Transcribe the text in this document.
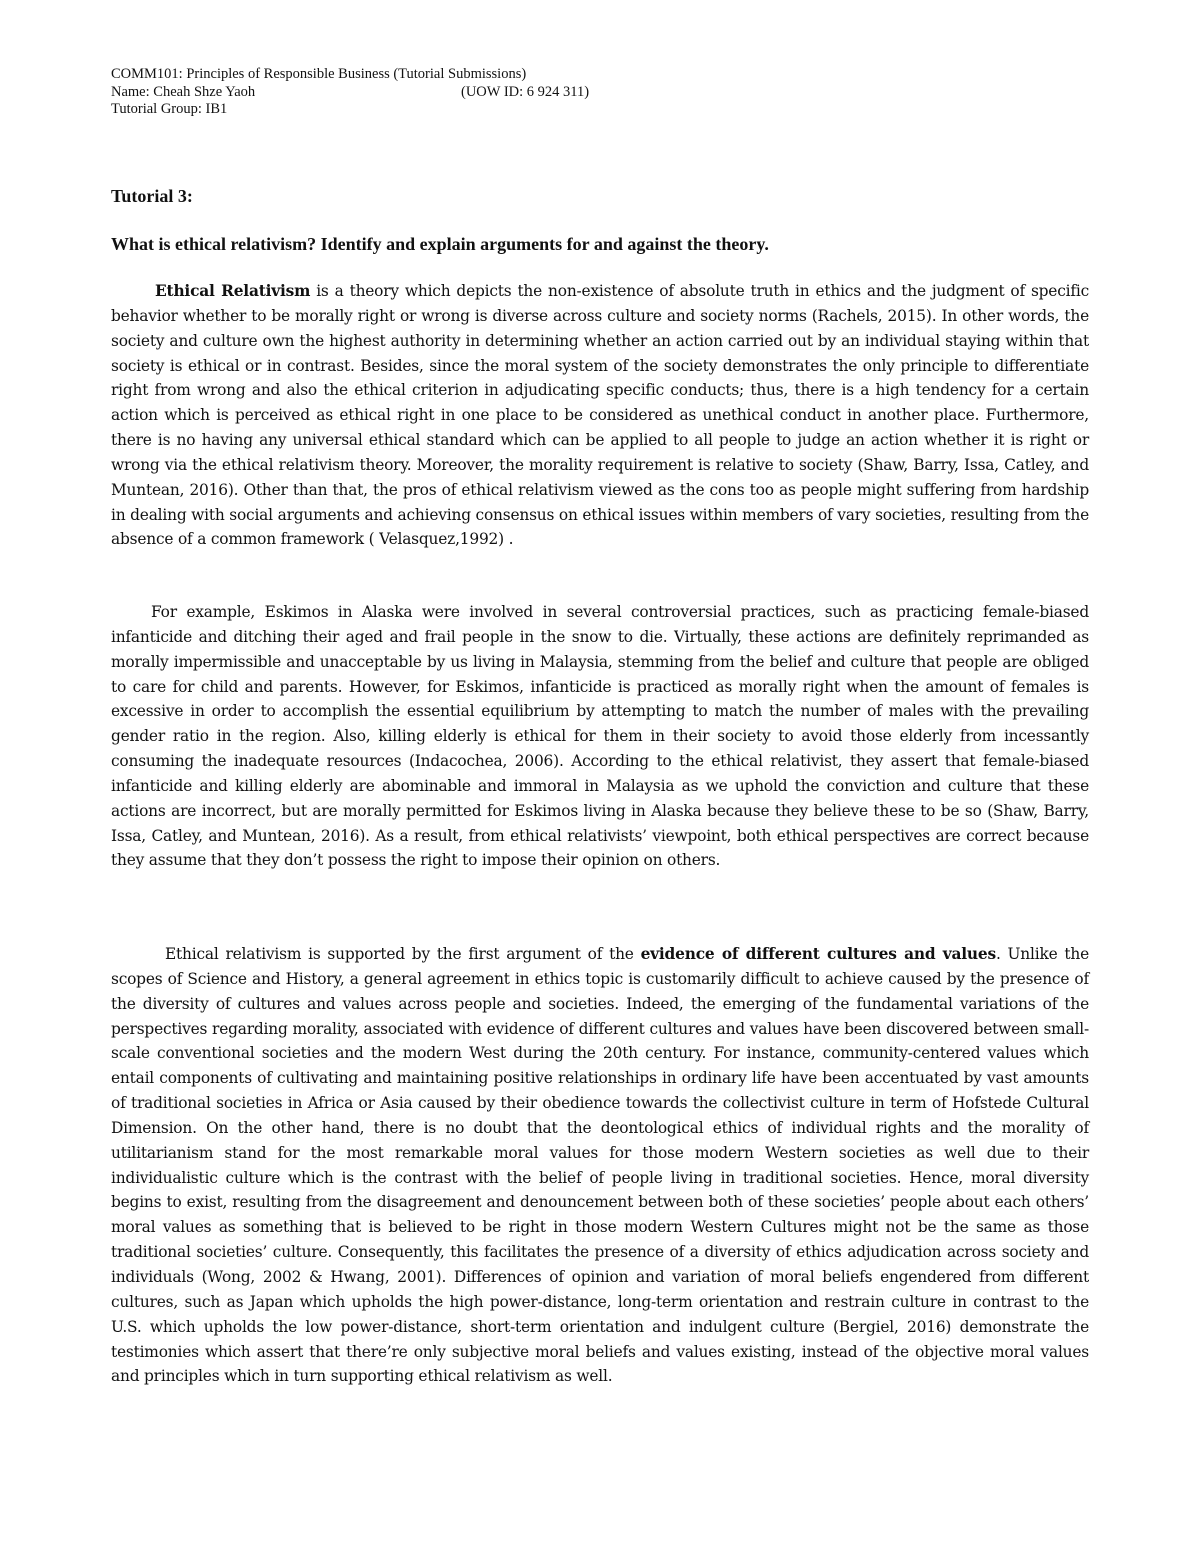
COMM101: Principles of Responsible Business (Tutorial Submissions)

Name: Cheah Shze Yaoh	(UOW ID: 6 924 311)

Tutorial Group: IB1

Tutorial 3:

What is ethical relativism? Identify and explain arguments for and against the theory.

Ethical Relativism is a theory which depicts the non-existence of absolute truth in ethics and the judgment of specific behavior whether to be morally right or wrong is diverse across culture and society norms (Rachels, 2015). In other words, the society and culture own the highest authority in determining whether an action carried out by an individual staying within that society is ethical or in contrast. Besides, since the moral system of the society demonstrates the only principle to differentiate right from wrong and also the ethical criterion in adjudicating specific conducts; thus, there is a high tendency for a certain action which is perceived as ethical right in one place to be considered as unethical conduct in another place. Furthermore, there is no having any universal ethical standard which can be applied to all people to judge an action whether it is right or wrong via the ethical relativism theory. Moreover, the morality requirement is relative to society (Shaw, Barry, Issa, Catley, and Muntean, 2016). Other than that, the pros of ethical relativism viewed as the cons too as people might suffering from hardship in dealing with social arguments and achieving consensus on ethical issues within members of vary societies, resulting from the absence of a common framework ( Velasquez,1992) .

For example, Eskimos in Alaska were involved in several controversial practices, such as practicing female-biased infanticide and ditching their aged and frail people in the snow to die. Virtually, these actions are definitely reprimanded as morally impermissible and unacceptable by us living in Malaysia, stemming from the belief and culture that people are obliged to care for child and parents. However, for Eskimos, infanticide is practiced as morally right when the amount of females is excessive in order to accomplish the essential equilibrium by attempting to match the number of males with the prevailing gender ratio in the region. Also, killing elderly is ethical for them in their society to avoid those elderly from incessantly consuming the inadequate resources (Indacochea, 2006). According to the ethical relativist, they assert that female-biased infanticide and killing elderly are abominable and immoral in Malaysia as we uphold the conviction and culture that these actions are incorrect, but are morally permitted for Eskimos living in Alaska because they believe these to be so (Shaw, Barry, Issa, Catley, and Muntean, 2016). As a result, from ethical relativists’ viewpoint, both ethical perspectives are correct because they assume that they don’t possess the right to impose their opinion on others.

Ethical relativism is supported by the first argument of the evidence of different cultures and values. Unlike the scopes of Science and History, a general agreement in ethics topic is customarily difficult to achieve caused by the presence of the diversity of cultures and values across people and societies. Indeed, the emerging of the fundamental variations of the perspectives regarding morality, associated with evidence of different cultures and values have been discovered between small-scale conventional societies and the modern West during the 20th century. For instance, community-centered values which entail components of cultivating and maintaining positive relationships in ordinary life have been accentuated by vast amounts of traditional societies in Africa or Asia caused by their obedience towards the collectivist culture in term of Hofstede Cultural Dimension. On the other hand, there is no doubt that the deontological ethics of individual rights and the morality of utilitarianism stand for the most remarkable moral values for those modern Western societies as well due to their individualistic culture which is the contrast with the belief of people living in traditional societies. Hence, moral diversity begins to exist, resulting from the disagreement and denouncement between both of these societies’ people about each others’ moral values as something that is believed to be right in those modern Western Cultures might not be the same as those traditional societies’ culture. Consequently, this facilitates the presence of a diversity of ethics adjudication across society and individuals (Wong, 2002 & Hwang, 2001). Differences of opinion and variation of moral beliefs engendered from different cultures, such as Japan which upholds the high power-distance, long-term orientation and restrain culture in contrast to the U.S. which upholds the low power-distance, short-term orientation and indulgent culture (Bergiel, 2016) demonstrate the testimonies which assert that there’re only subjective moral beliefs and values existing, instead of the objective moral values and principles which in turn supporting ethical relativism as well.
